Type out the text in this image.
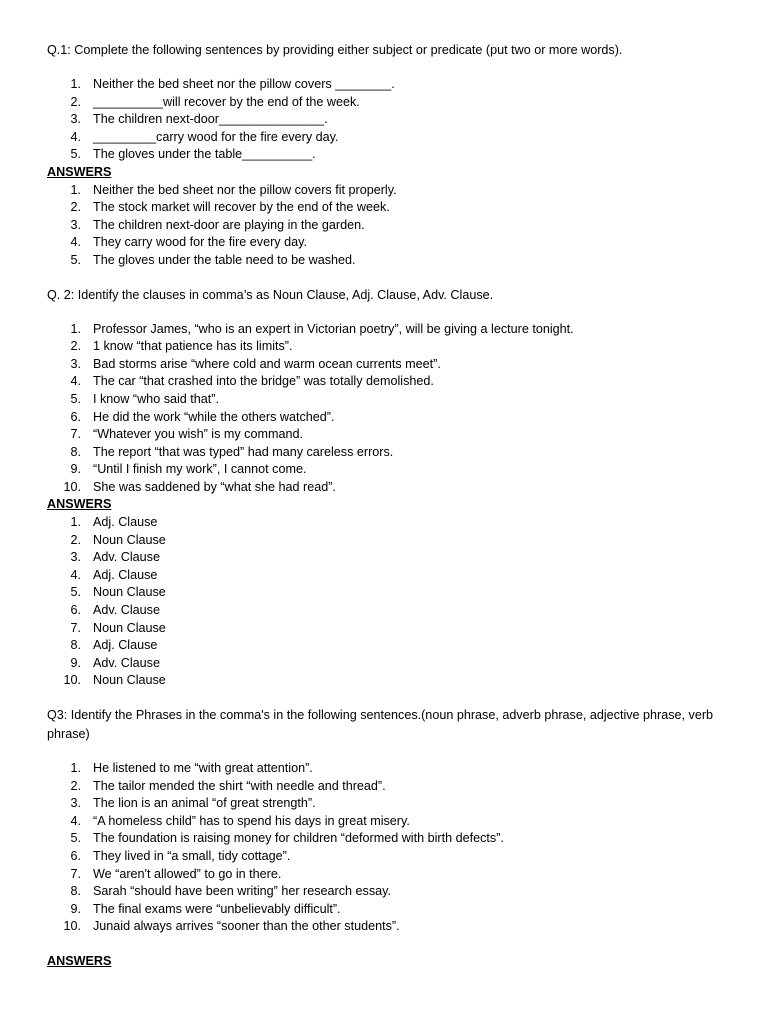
Q.1: Complete the following sentences by providing either subject or predicate (put two or more words).

1. Neither the bed sheet nor the pillow covers ________.
2. __________will recover by the end of the week.
3. The children next-door_______________.
4. _________carry wood for the fire every day.
5. The gloves under the table__________.

ANSWERS

1. Neither the bed sheet nor the pillow covers fit properly.
2. The stock market will recover by the end of the week.
3. The children next-door are playing in the garden.
4. They carry wood for the fire every day.
5. The gloves under the table need to be washed.

Q. 2: Identify the clauses in comma’s as Noun Clause, Adj. Clause, Adv. Clause.

1. Professor James, “who is an expert in Victorian poetry”, will be giving a lecture tonight.
2. 1 know “that patience has its limits”.
3. Bad storms arise “where cold and warm ocean currents meet”.
4. The car “that crashed into the bridge” was totally demolished.
5. I know “who said that”.
6. He did the work “while the others watched”.
7. “Whatever you wish” is my command.
8. The report “that was typed” had many careless errors.
9. “Until I finish my work”, I cannot come.
10. She was saddened by “what she had read”.

ANSWERS

1. Adj. Clause
2. Noun Clause
3. Adv. Clause
4. Adj. Clause
5. Noun Clause
6. Adv. Clause
7. Noun Clause
8. Adj. Clause
9. Adv. Clause
10. Noun Clause

Q3: Identify the Phrases in the comma's in the following sentences.(noun phrase, adverb phrase, adjective phrase, verb phrase)

1. He listened to me “with great attention”.
2. The tailor mended the shirt “with needle and thread”.
3. The lion is an animal “of great strength”.
4. “A homeless child” has to spend his days in great misery.
5. The foundation is raising money for children “deformed with birth defects”.
6. They lived in “a small, tidy cottage”.
7. We “aren't allowed” to go in there.
8. Sarah “should have been writing” her research essay.
9. The final exams were “unbelievably difficult”.
10. Junaid always arrives “sooner than the other students”.

ANSWERS
